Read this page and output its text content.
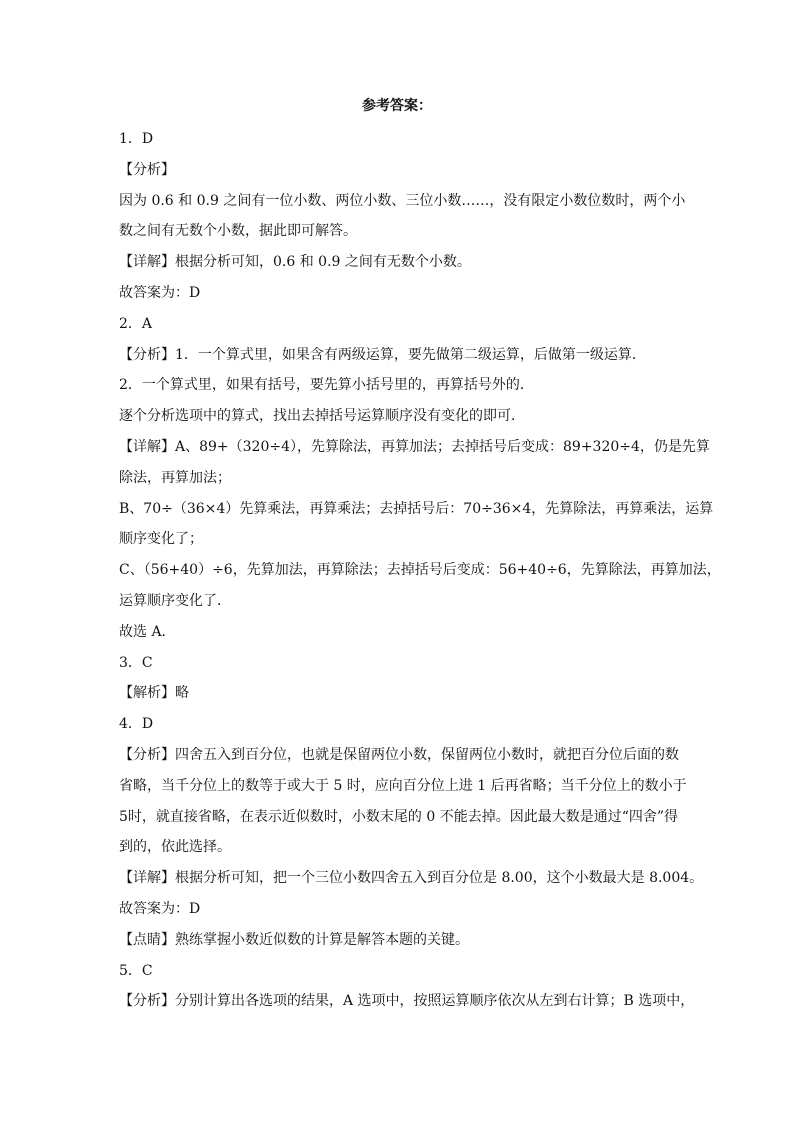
参考答案：
1．D
【分析】
因为 0.6 和 0.9 之间有一位小数、两位小数、三位小数……，没有限定小数位数时，两个小
数之间有无数个小数，据此即可解答。
【详解】根据分析可知，0.6 和 0.9 之间有无数个小数。
故答案为：D
2．A
【分析】1．一个算式里，如果含有两级运算，要先做第二级运算，后做第一级运算．
2．一个算式里，如果有括号，要先算小括号里的，再算括号外的．
逐个分析选项中的算式，找出去掉括号运算顺序没有变化的即可．
【详解】A、89+（320÷4），先算除法，再算加法；去掉括号后变成：89+320÷4，仍是先算
除法，再算加法；
B、70÷（36×4）先算乘法，再算乘法；去掉括号后：70÷36×4，先算除法，再算乘法，运算
顺序变化了；
C、（56+40）÷6，先算加法，再算除法；去掉括号后变成：56+40÷6，先算除法，再算加法，
运算顺序变化了．
故选 A．
3．C
【解析】略
4．D
【分析】四舍五入到百分位，也就是保留两位小数，保留两位小数时，就把百分位后面的数
省略，当千分位上的数等于或大于 5 时，应向百分位上进 1 后再省略；当千分位上的数小于
5时，就直接省略，在表示近似数时，小数末尾的 0 不能去掉。因此最大数是通过“四舍”得
到的，依此选择。
【详解】根据分析可知，把一个三位小数四舍五入到百分位是 8.00，这个小数最大是 8.004。
故答案为：D
【点睛】熟练掌握小数近似数的计算是解答本题的关键。
5．C
【分析】分别计算出各选项的结果，A 选项中，按照运算顺序依次从左到右计算；B 选项中，
